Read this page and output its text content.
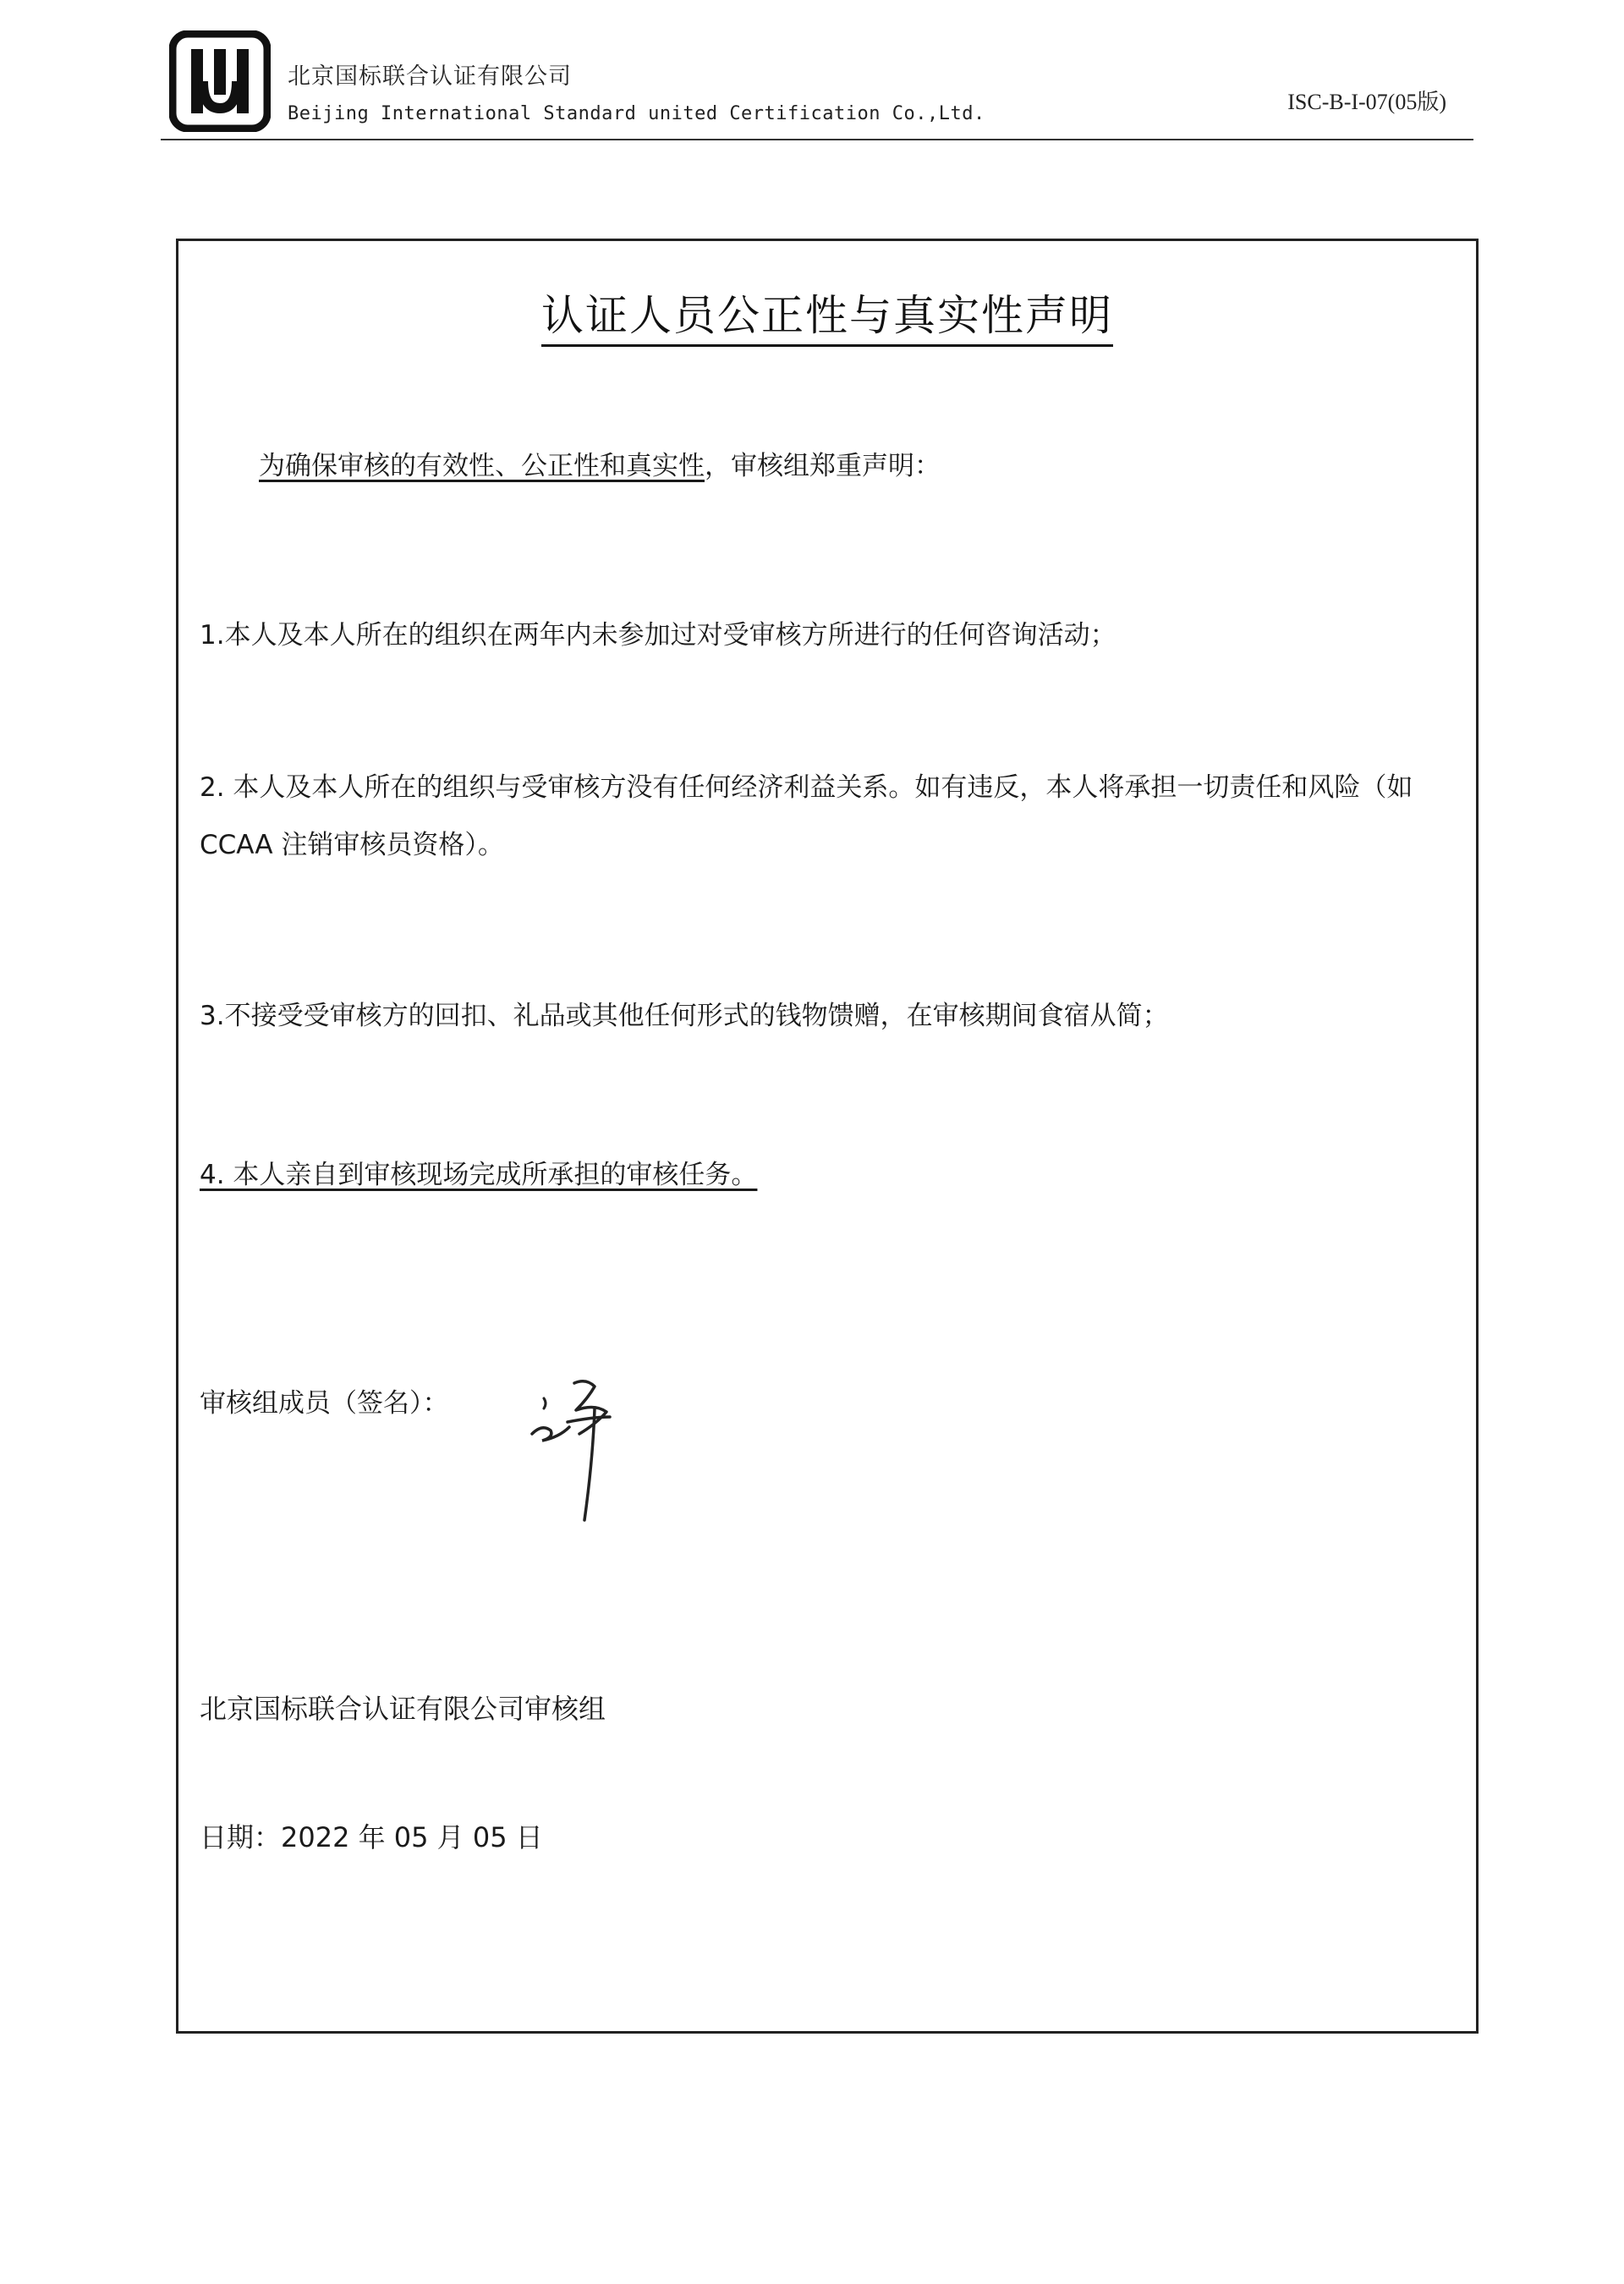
北京国标联合认证有限公司
Beijing International Standard united Certification Co.,Ltd.	ISC-B-I-07(05版)
认证人员公正性与真实性声明
为确保审核的有效性、公正性和真实性，审核组郑重声明：
1.本人及本人所在的组织在两年内未参加过对受审核方所进行的任何咨询活动；
2. 本人及本人所在的组织与受审核方没有任何经济利益关系。如有违反，本人将承担一切责任和风险（如 CCAA 注销审核员资格）。
3.不接受受审核方的回扣、礼品或其他任何形式的钱物馈赠，在审核期间食宿从简；
4. 本人亲自到审核现场完成所承担的审核任务。
审核组成员（签名）：
北京国标联合认证有限公司审核组
日期：2022 年 05 月 05 日
